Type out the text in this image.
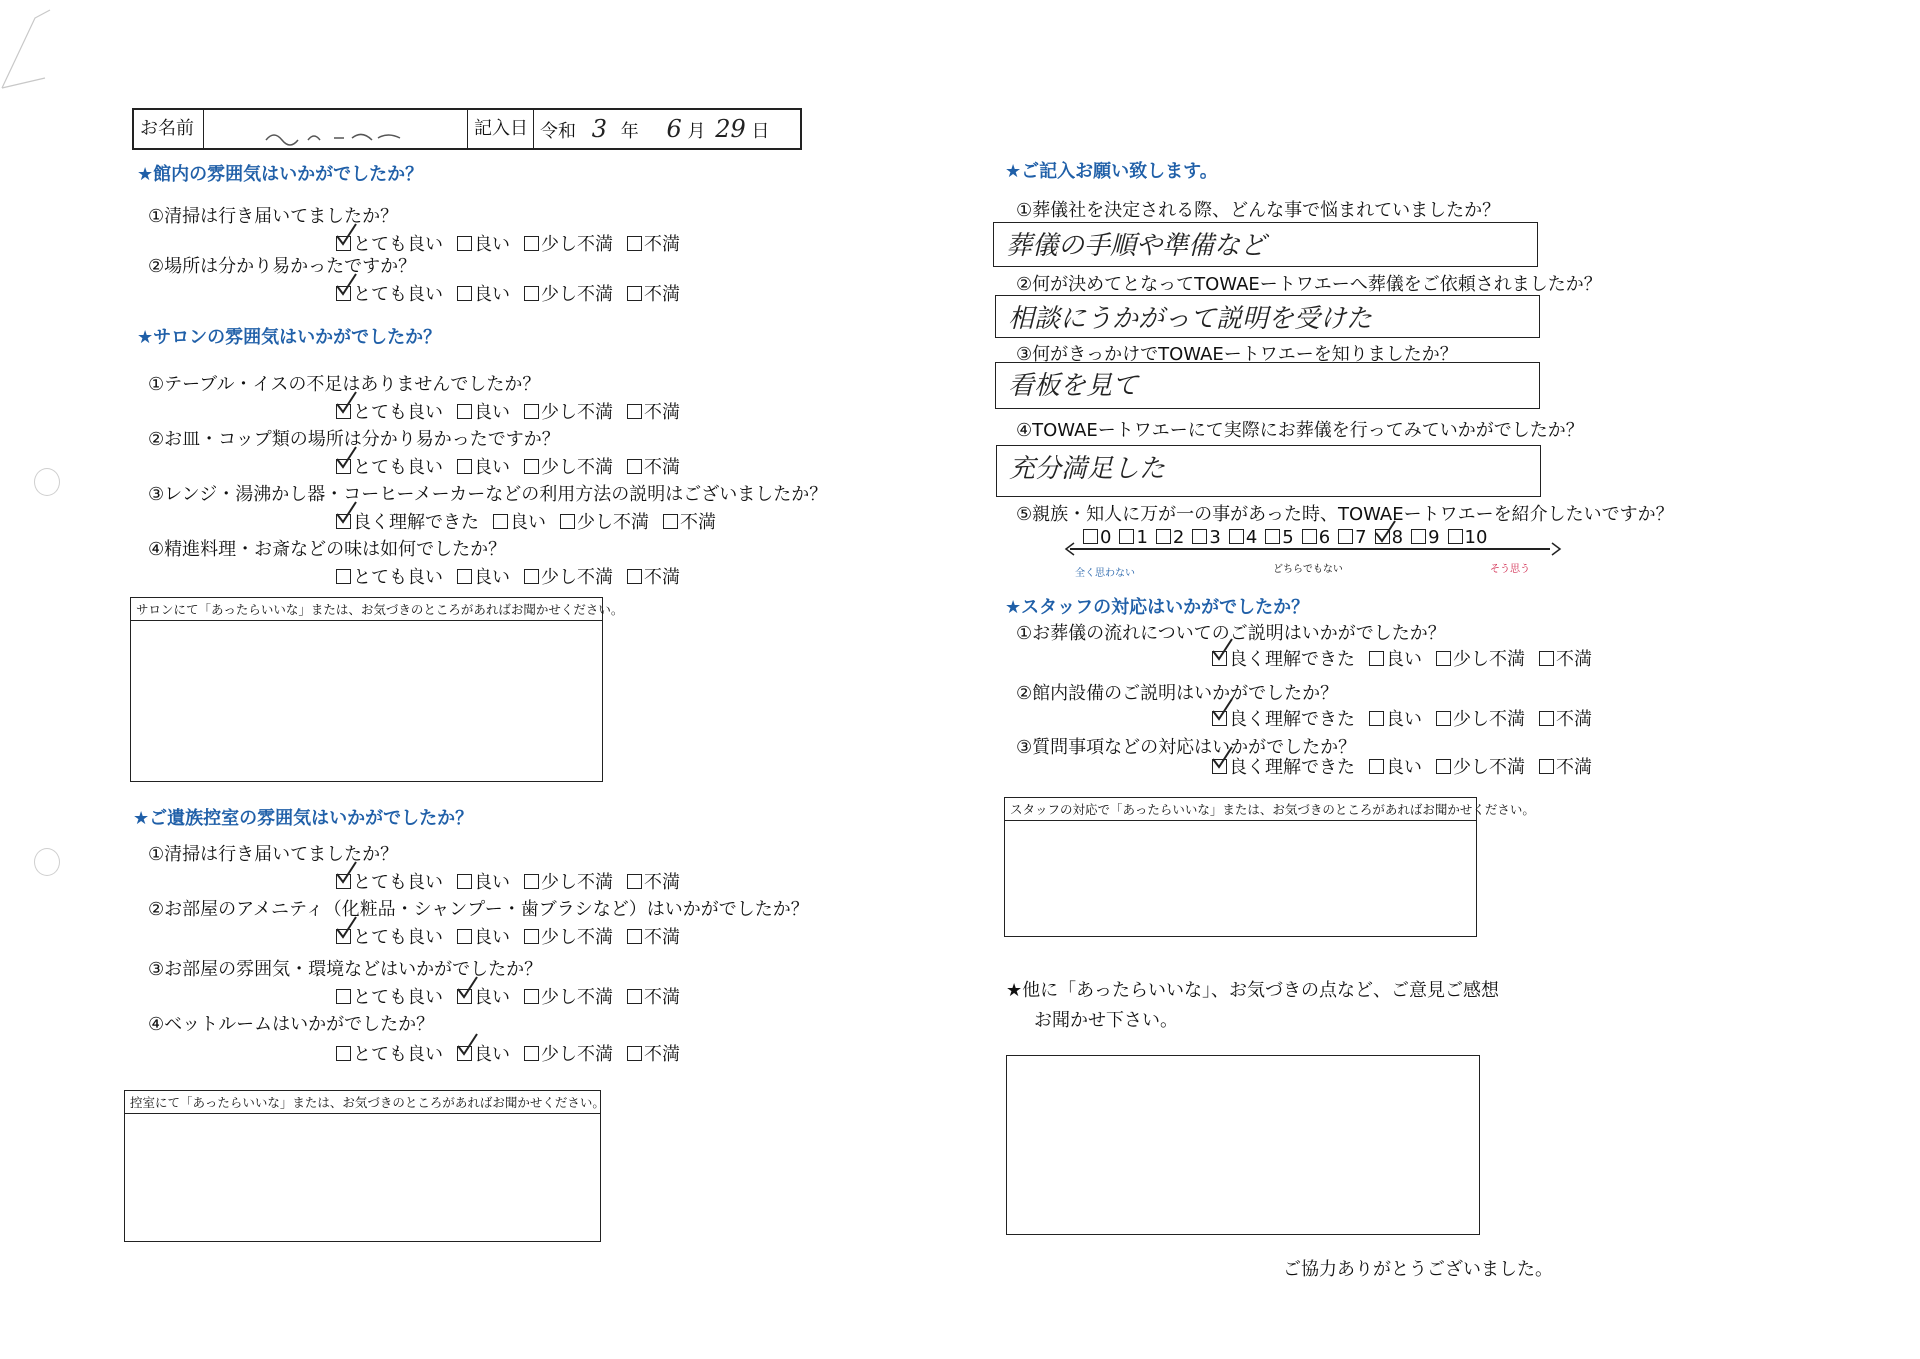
お名前	記入日 令和 3 年 6 月 29 日
★館内の雰囲気はいかがでしたか？
①清掃は行き届いてましたか？
とても良い 良い 少し不満 不満
②場所は分かり易かったですか？
とても良い 良い 少し不満 不満
★サロンの雰囲気はいかがでしたか？
①テーブル・イスの不足はありませんでしたか？
とても良い 良い 少し不満 不満
②お皿・コップ類の場所は分かり易かったですか？
とても良い 良い 少し不満 不満
③レンジ・湯沸かし器・コーヒーメーカーなどの利用方法の説明はございましたか？
良く理解できた 良い 少し不満 不満
④精進料理・お斎などの味は如何でしたか？
とても良い 良い 少し不満 不満
サロンにて「あったらいいな」または、お気づきのところがあればお聞かせください。
★ご遺族控室の雰囲気はいかがでしたか？
①清掃は行き届いてましたか？
とても良い 良い 少し不満 不満
②お部屋のアメニティ（化粧品・シャンプー・歯ブラシなど）はいかがでしたか？
とても良い 良い 少し不満 不満
③お部屋の雰囲気・環境などはいかがでしたか？
とても良い 良い 少し不満 不満
④ベットルームはいかがでしたか？
とても良い 良い 少し不満 不満
控室にて「あったらいいな」または、お気づきのところがあればお聞かせください。
★ご記入お願い致します。
①葬儀社を決定される際、どんな事で悩まれていましたか？
葬儀の手順や準備など
②何が決めてとなってTOWAEートワエーへ葬儀をご依頼されましたか？
相談にうかがって説明を受けた
③何がきっかけでTOWAEートワエーを知りましたか？
看板を見て
④TOWAEートワエーにて実際にお葬儀を行ってみていかがでしたか？
充分満足した
⑤親族・知人に万が一の事があった時、TOWAEートワエーを紹介したいですか？
0 1 2 3 4 5 6 7 8 9 10
全く思わない	どちらでもない	そう思う
★スタッフの対応はいかがでしたか？
①お葬儀の流れについてのご説明はいかがでしたか？
良く理解できた 良い 少し不満 不満
②館内設備のご説明はいかがでしたか？
良く理解できた 良い 少し不満 不満
③質問事項などの対応はいかがでしたか？
良く理解できた 良い 少し不満 不満
スタッフの対応で「あったらいいな」または、お気づきのところがあればお聞かせください。
★他に「あったらいいな」、お気づきの点など、ご意見ご感想
お聞かせ下さい。
ご協力ありがとうございました。
